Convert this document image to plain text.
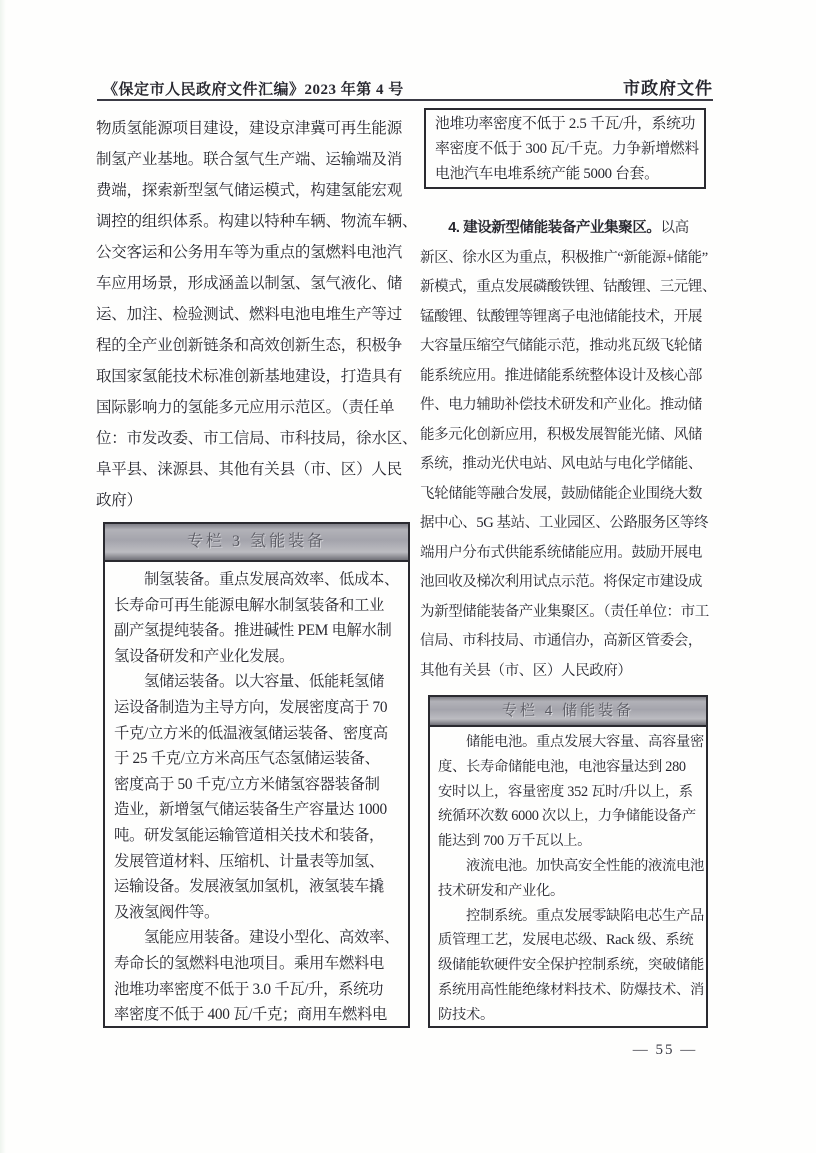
《保定市人民政府文件汇编》2023 年第 4 号	市政府文件
物质氢能源项目建设，建设京津冀可再生能源
制氢产业基地。联合氢气生产端、运输端及消
费端，探索新型氢气储运模式，构建氢能宏观
调控的组织体系。构建以特种车辆、物流车辆、
公交客运和公务用车等为重点的氢燃料电池汽
车应用场景，形成涵盖以制氢、氢气液化、储
运、加注、检验测试、燃料电池电堆生产等过
程的全产业创新链条和高效创新生态，积极争
取国家氢能技术标准创新基地建设，打造具有
国际影响力的氢能多元应用示范区。（责任单
位：市发改委、市工信局、市科技局，徐水区、
阜平县、涞源县、其他有关县（市、区）人民
政府）
池堆功率密度不低于 2.5 千瓦/升，系统功
率密度不低于 300 瓦/千克。力争新增燃料
电池汽车电堆系统产能 5000 台套。
　　4. 建设新型储能装备产业集聚区。以高
新区、徐水区为重点，积极推广“新能源+储能”
新模式，重点发展磷酸铁锂、钴酸锂、三元锂、
锰酸锂、钛酸锂等锂离子电池储能技术，开展
大容量压缩空气储能示范，推动兆瓦级飞轮储
能系统应用。推进储能系统整体设计及核心部
件、电力辅助补偿技术研发和产业化。推动储
能多元化创新应用，积极发展智能光储、风储
系统，推动光伏电站、风电站与电化学储能、
飞轮储能等融合发展，鼓励储能企业围绕大数
据中心、5G 基站、工业园区、公路服务区等终
端用户分布式供能系统储能应用。鼓励开展电
池回收及梯次利用试点示范。将保定市建设成
为新型储能装备产业集聚区。（责任单位：市工
信局、市科技局、市通信办，高新区管委会，
其他有关县（市、区）人民政府）
专栏 3 氢能装备
　　制氢装备。重点发展高效率、低成本、
长寿命可再生能源电解水制氢装备和工业
副产氢提纯装备。推进碱性 PEM 电解水制
氢设备研发和产业化发展。
　　氢储运装备。以大容量、低能耗氢储
运设备制造为主导方向，发展密度高于 70
千克/立方米的低温液氢储运装备、密度高
于 25 千克/立方米高压气态氢储运装备、
密度高于 50 千克/立方米储氢容器装备制
造业，新增氢气储运装备生产容量达 1000
吨。研发氢能运输管道相关技术和装备，
发展管道材料、压缩机、计量表等加氢、
运输设备。发展液氢加氢机，液氢装车撬
及液氢阀件等。
　　氢能应用装备。建设小型化、高效率、
寿命长的氢燃料电池项目。乘用车燃料电
池堆功率密度不低于 3.0 千瓦/升，系统功
率密度不低于 400 瓦/千克；商用车燃料电
专栏 4 储能装备
　　储能电池。重点发展大容量、高容量密
度、长寿命储能电池，电池容量达到 280
安时以上，容量密度 352 瓦时/升以上，系
统循环次数 6000 次以上，力争储能设备产
能达到 700 万千瓦以上。
　　液流电池。加快高安全性能的液流电池
技术研发和产业化。
　　控制系统。重点发展零缺陷电芯生产品
质管理工艺，发展电芯级、Rack 级、系统
级储能软硬件安全保护控制系统，突破储能
系统用高性能绝缘材料技术、防爆技术、消
防技术。
— 55 —
